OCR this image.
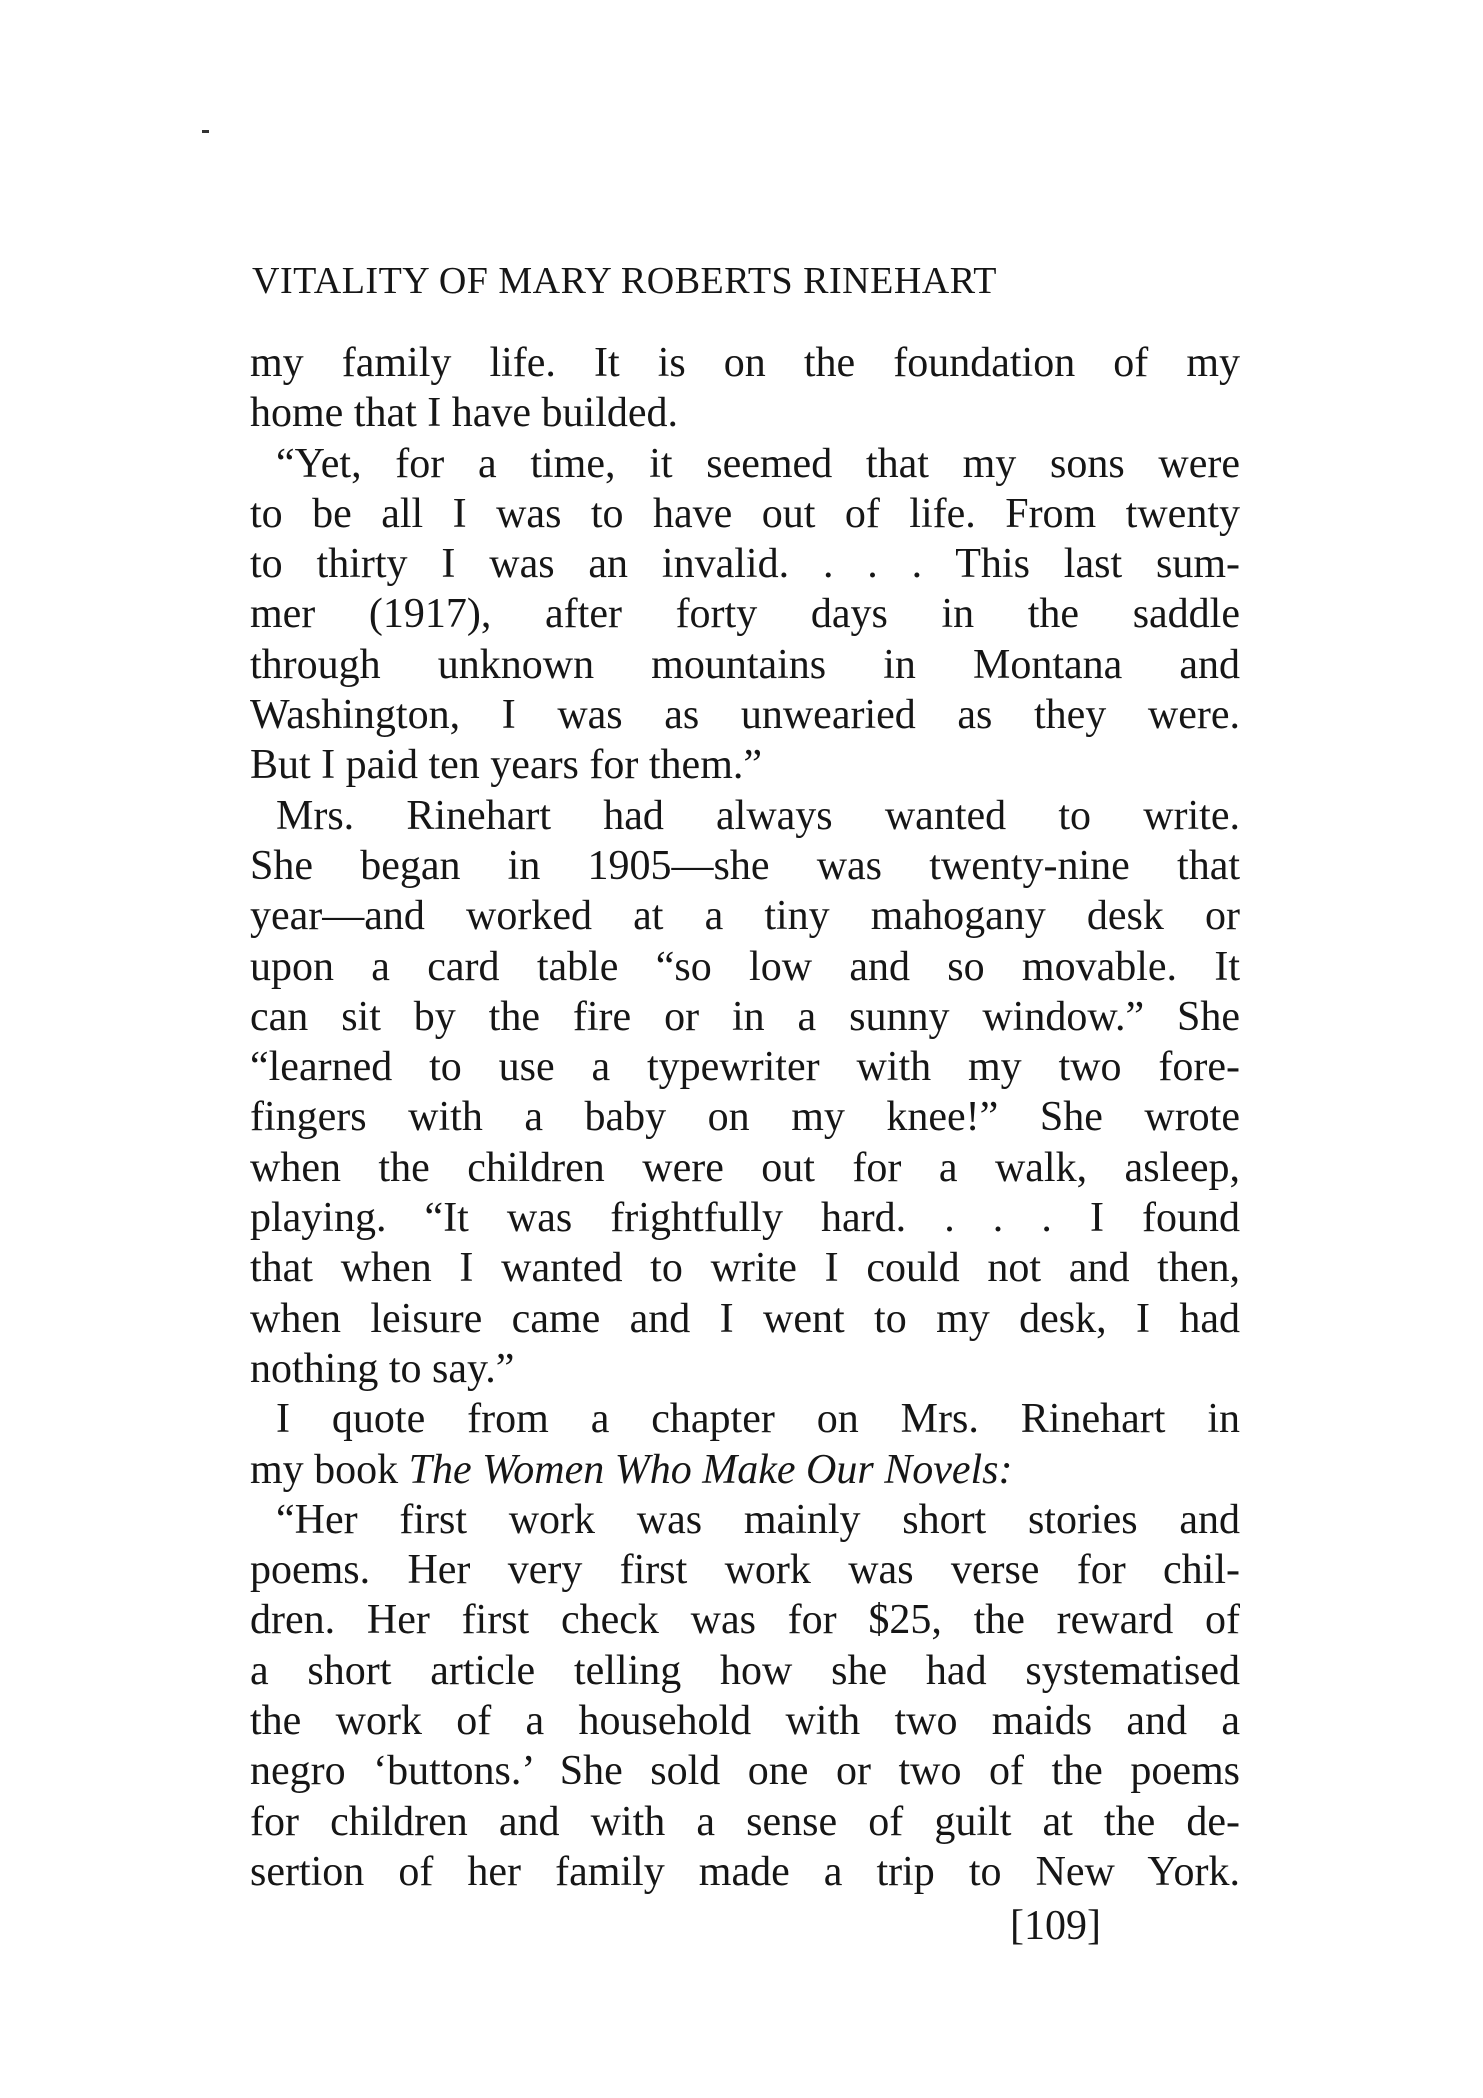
VITALITY OF MARY ROBERTS RINEHART
my family life. It is on the foundation of my
home that I have builded.
“Yet, for a time, it seemed that my sons were
to be all I was to have out of life. From twenty
to thirty I was an invalid. . . . This last sum-
mer (1917), after forty days in the saddle
through unknown mountains in Montana and
Washington, I was as unwearied as they were.
But I paid ten years for them.”
Mrs. Rinehart had always wanted to write.
She began in 1905—she was twenty-nine that
year—and worked at a tiny mahogany desk or
upon a card table “so low and so movable. It
can sit by the fire or in a sunny window.” She
“learned to use a typewriter with my two fore-
fingers with a baby on my knee!” She wrote
when the children were out for a walk, asleep,
playing. “It was frightfully hard. . . . I found
that when I wanted to write I could not and then,
when leisure came and I went to my desk, I had
nothing to say.”
I quote from a chapter on Mrs. Rinehart in
my book The Women Who Make Our Novels:
“Her first work was mainly short stories and
poems. Her very first work was verse for chil-
dren. Her first check was for $25, the reward of
a short article telling how she had systematised
the work of a household with two maids and a
negro ‘buttons.’ She sold one or two of the poems
for children and with a sense of guilt at the de-
sertion of her family made a trip to New York.
[109]
